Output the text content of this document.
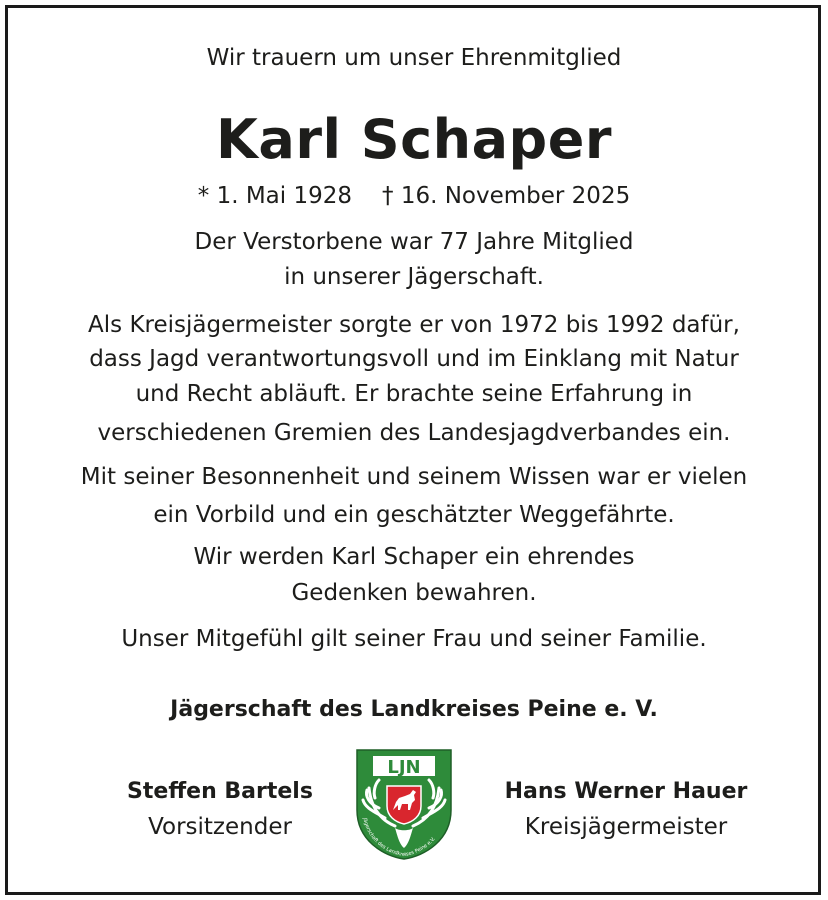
Wir trauern um unser Ehrenmitglied
Karl Schaper
* 1. Mai 1928 † 16. November 2025
Der Verstorbene war 77 Jahre Mitglied
in unserer Jägerschaft.
Als Kreisjägermeister sorgte er von 1972 bis 1992 dafür,
dass Jagd verantwortungsvoll und im Einklang mit Natur
und Recht abläuft. Er brachte seine Erfahrung in
verschiedenen Gremien des Landesjagdverbandes ein.
Mit seiner Besonnenheit und seinem Wissen war er vielen
ein Vorbild und ein geschätzter Weggefährte.
Wir werden Karl Schaper ein ehrendes
Gedenken bewahren.
Unser Mitgefühl gilt seiner Frau und seiner Familie.
Jägerschaft des Landkreises Peine e. V.
Steffen Bartels
Vorsitzender
Hans Werner Hauer
Kreisjägermeister
LJN
Jägerschaft des Landkreises Peine e.V.
